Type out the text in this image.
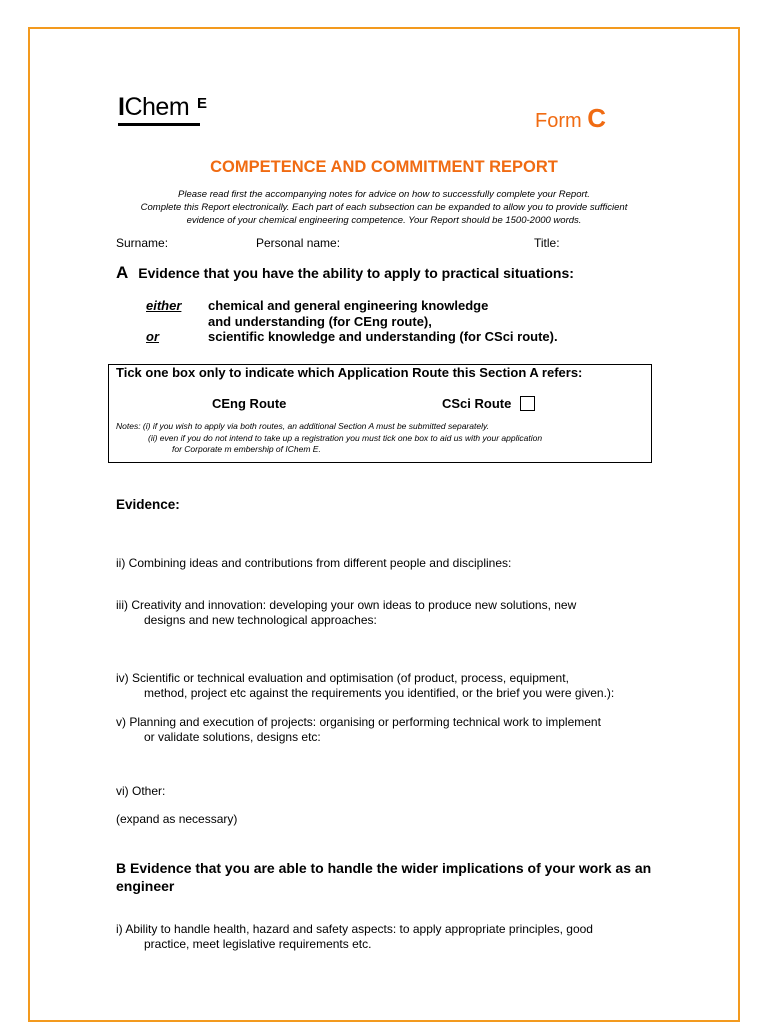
IChem E
Form C
COMPETENCE AND COMMITMENT REPORT
Please read first the accompanying notes for advice on how to successfully complete your Report.
Complete this Report electronically. Each part of each subsection can be expanded to allow you to provide sufficient
evidence of your chemical engineering competence. Your Report should be 1500-2000 words.
Surname:	Personal name:	Title:
A Evidence that you have the ability to apply to practical situations:
either chemical and general engineering knowledge
and understanding (for CEng route),
or	scientific knowledge and understanding (for CSci route).
Tick one box only to indicate which Application Route this Section A refers:
CEng Route	CSci Route
Notes: (i) if you wish to apply via both routes, an additional Section A must be submitted separately.
(ii) even if you do not intend to take up a registration you must tick one box to aid us with your application
for Corporate m embership of IChem E.
Evidence:
ii) Combining ideas and contributions from different people and disciplines:
iii) Creativity and innovation: developing your own ideas to produce new solutions, new
designs and new technological approaches:
iv) Scientific or technical evaluation and optimisation (of product, process, equipment,
method, project etc against the requirements you identified, or the brief you were given.):
v) Planning and execution of projects: organising or performing technical work to implement
or validate solutions, designs etc:
vi) Other:
(expand as necessary)
B Evidence that you are able to handle the wider implications of your work as an engineer
i) Ability to handle health, hazard and safety aspects: to apply appropriate principles, good
practice, meet legislative requirements etc.
